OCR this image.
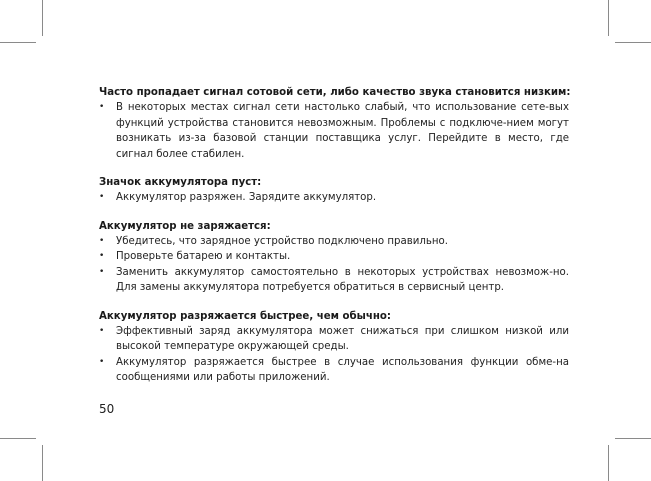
Часто пропадает сигнал сотовой сети, либо качество звука становится низким:

• В некоторых местах сигнал сети настолько слабый, что использование сете-вых функций устройства становится невозможным. Проблемы с подключе-нием могут возникать из-за базовой станции поставщика услуг. Перейдите в место, где сигнал более стабилен.

Значок аккумулятора пуст:

• Аккумулятор разряжен. Зарядите аккумулятор.

Аккумулятор не заряжается:

• Убедитесь, что зарядное устройство подключено правильно.
• Проверьте батарею и контакты.
• Заменить аккумулятор самостоятельно в некоторых устройствах невозмож-но. Для замены аккумулятора потребуется обратиться в сервисный центр.

Аккумулятор разряжается быстрее, чем обычно:

• Эффективный заряд аккумулятора может снижаться при слишком низкой или высокой температуре окружающей среды.
• Аккумулятор разряжается быстрее в случае использования функции обме-на сообщениями или работы приложений.
50
